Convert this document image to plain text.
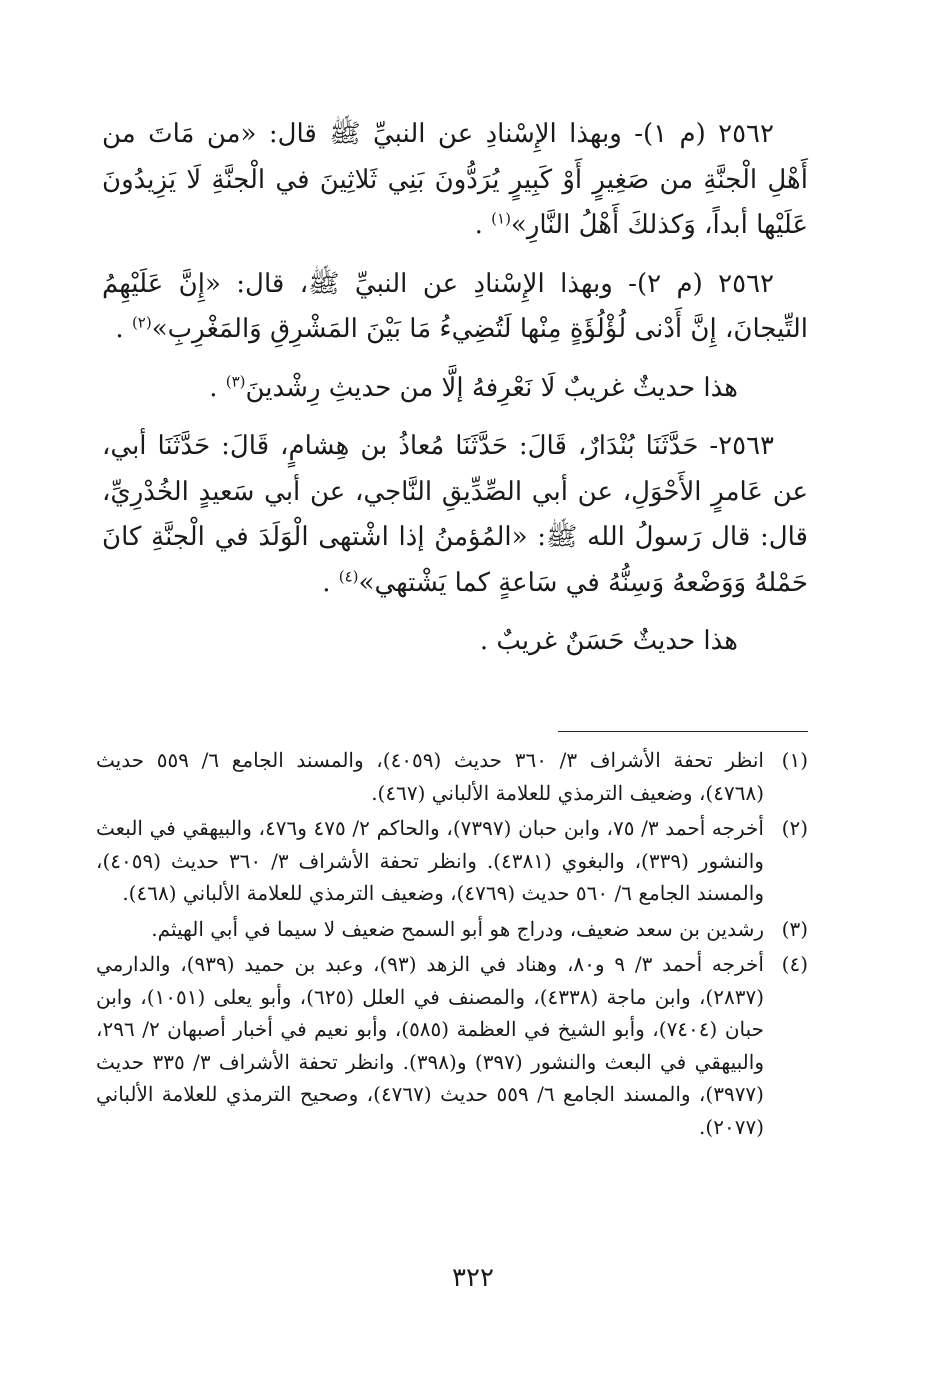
٢٥٦٢ (م ١)- وبهذا الإِسْنادِ عن النبيِّ ﷺ قال: «من مَاتَ من أَهْلِ الْجنَّةِ من صَغِيرٍ أَوْ كَبِيرٍ يُرَدُّونَ بَنِي ثَلاثِينَ في الْجنَّةِ لَا يَزِيدُونَ عَلَيْها أبداً، وَكذلكَ أَهْلُ النَّارِ»$^{(١)}$ .

٢٥٦٢ (م ٢)- وبهذا الإِسْنادِ عن النبيِّ ﷺ، قال: «إِنَّ عَلَيْهِمُ التِّيجانَ، إِنَّ أَدْنى لُؤْلُؤَةٍ مِنْها لَتُضِيءُ مَا بَيْنَ المَشْرِقِ وَالمَغْرِبِ»$^{(٢)}$ .

هذا حديثٌ غريبٌ لَا نَعْرِفهُ إلَّا من حديثِ رِشْدينَ$^{(٣)}$ .

٢٥٦٣- حَدَّثَنَا بُنْدَارٌ، قَالَ: حَدَّثَنَا مُعاذُ بن هِشامٍ، قَالَ: حَدَّثَنَا أبي، عن عَامرٍ الأَحْوَلِ، عن أبي الصِّدِّيقِ النَّاجي، عن أبي سَعيدٍ الخُدْرِيِّ، قال: قال رَسولُ الله ﷺ: «المُؤمنُ إذا اشْتهى الْوَلَدَ في الْجنَّةِ كانَ حَمْلهُ وَوَضْعهُ وَسِنُّهُ في سَاعةٍ كما يَشْتهي»$^{(٤)}$ .

هذا حديثٌ حَسَنٌ غريبٌ .

(١)
انظر تحفة الأشراف ٣/ ٣٦٠ حديث (٤٠٥٩)، والمسند الجامع ٦/ ٥٥٩ حديث (٤٧٦٨)، وضعيف الترمذي للعلامة الألباني (٤٦٧).
(٢)
أخرجه أحمد ٣/ ٧٥، وابن حبان (٧٣٩٧)، والحاكم ٢/ ٤٧٥ و٤٧٦، والبيهقي في البعث والنشور (٣٣٩)، والبغوي (٤٣٨١). وانظر تحفة الأشراف ٣/ ٣٦٠ حديث (٤٠٥٩)، والمسند الجامع ٦/ ٥٦٠ حديث (٤٧٦٩)، وضعيف الترمذي للعلامة الألباني (٤٦٨).
(٣)
رشدين بن سعد ضعيف، ودراج هو أبو السمح ضعيف لا سيما في أبي الهيثم.
(٤)
أخرجه أحمد ٣/ ٩ و٨٠، وهناد في الزهد (٩٣)، وعبد بن حميد (٩٣٩)، والدارمي (٢٨٣٧)، وابن ماجة (٤٣٣٨)، والمصنف في العلل (٦٢٥)، وأبو يعلى (١٠٥١)، وابن حبان (٧٤٠٤)، وأبو الشيخ في العظمة (٥٨٥)، وأبو نعيم في أخبار أصبهان ٢/ ٢٩٦، والبيهقي في البعث والنشور (٣٩٧) و(٣٩٨). وانظر تحفة الأشراف ٣/ ٣٣٥ حديث (٣٩٧٧)، والمسند الجامع ٦/ ٥٥٩ حديث (٤٧٦٧)، وصحيح الترمذي للعلامة الألباني (٢٠٧٧).
٣٢٢
